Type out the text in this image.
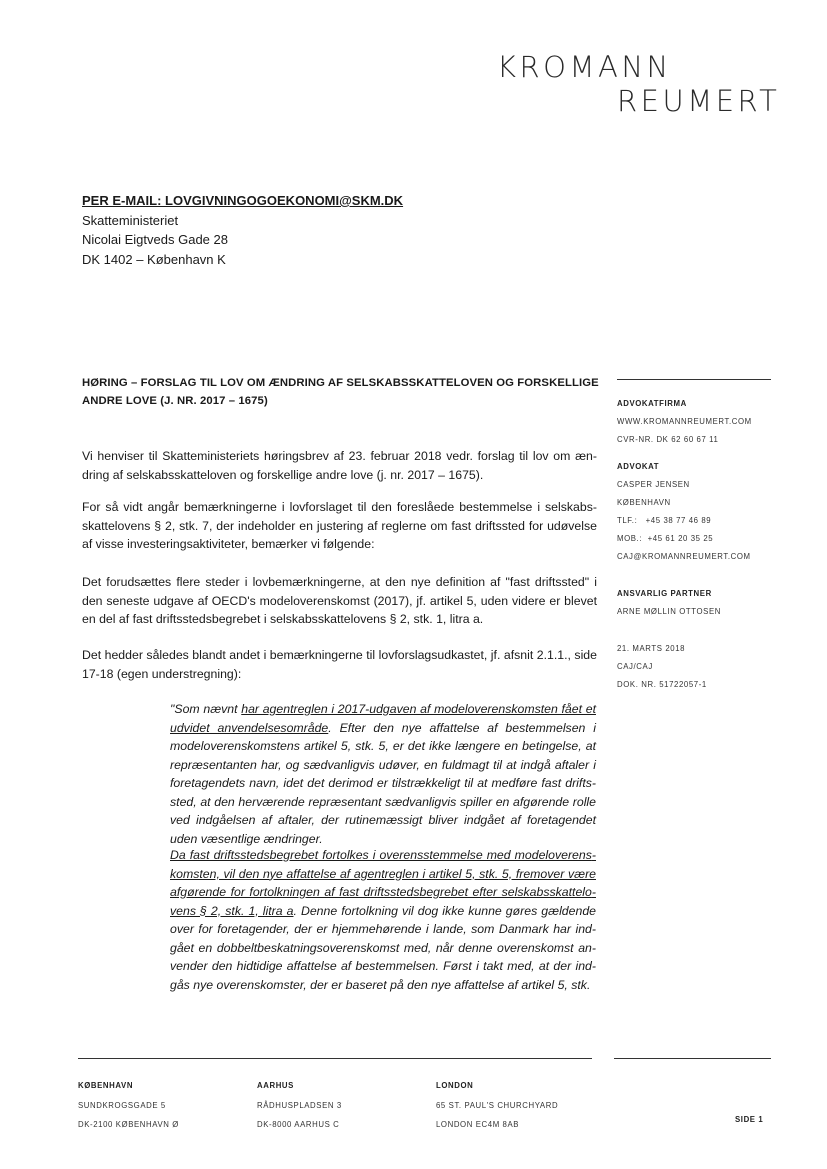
KROMANN
REUMERT
PER E-MAIL: LOVGIVNINGOGOEKONOMI@SKM.DK
Skatteministeriet
Nicolai Eigtveds Gade 28
DK 1402 – København K
HØRING – FORSLAG TIL LOV OM ÆNDRING AF SELSKABSSKATTELOVEN OG FORSKELLIGE ANDRE LOVE (J. NR. 2017 – 1675)
Vi henviser til Skatteministeriets høringsbrev af 23. februar 2018 vedr. forslag til lov om ændring af selskabsskatteloven og forskellige andre love (j. nr. 2017 – 1675).
For så vidt angår bemærkningerne i lovforslaget til den foreslåede bestemmelse i selskabsskattelovens § 2, stk. 7, der indeholder en justering af reglerne om fast driftssted for udøvelse af visse investeringsaktiviteter, bemærker vi følgende:
Det forudsættes flere steder i lovbemærkningerne, at den nye definition af "fast driftssted" i den seneste udgave af OECD's modeloverenskomst (2017), jf. artikel 5, uden videre er blevet en del af fast driftsstedsbegrebet i selskabsskattelovens § 2, stk. 1, litra a.
Det hedder således blandt andet i bemærkningerne til lovforslagsudkastet, jf. afsnit 2.1.1., side 17-18 (egen understregning):
"Som nævnt har agentreglen i 2017-udgaven af modeloverenskomsten fået et udvidet anvendelsesområde. Efter den nye affattelse af bestemmelsen i modeloverenskomstens artikel 5, stk. 5, er det ikke længere en betingelse, at repræsentanten har, og sædvanligvis udøver, en fuldmagt til at indgå aftaler i foretagendets navn, idet det derimod er tilstrækkeligt til at medføre fast driftssted, at den herværende repræsentant sædvanligvis spiller en afgørende rolle ved indgåelsen af aftaler, der rutinemæssigt bliver indgået af foretagendet uden væsentlige ændringer.
Da fast driftsstedsbegrebet fortolkes i overensstemmelse med modeloverenskomsten, vil den nye affattelse af agentreglen i artikel 5, stk. 5, fremover være afgørende for fortolkningen af fast driftsstedsbegrebet efter selskabsskattelovens § 2, stk. 1, litra a. Denne fortolkning vil dog ikke kunne gøres gældende over for foretagender, der er hjemmehørende i lande, som Danmark har indgået en dobbeltbeskatningsoverenskomst med, når denne overenskomst anvender den hidtidige affattelse af bestemmelsen. Først i takt med, at der indgås nye overenskomster, der er baseret på den nye affattelse af artikel 5, stk.
ADVOKATFIRMA
WWW.KROMANNREUMERT.COM
CVR-NR. DK 62 60 67 11
ADVOKAT
CASPER JENSEN
KØBENHAVN
TLF.: +45 38 77 46 89
MOB.: +45 61 20 35 25
CAJ@KROMANNREUMERT.COM
ANSVARLIG PARTNER
ARNE MØLLIN OTTOSEN
21. MARTS 2018
CAJ/CAJ
DOK. NR. 51722057-1
KØBENHAVN
SUNDKROGSGADE 5
DK-2100 KØBENHAVN Ø
AARHUS
RÅDHUSPLADSEN 3
DK-8000 AARHUS C
LONDON
65 ST. PAUL'S CHURCHYARD
LONDON EC4M 8AB
SIDE 1
